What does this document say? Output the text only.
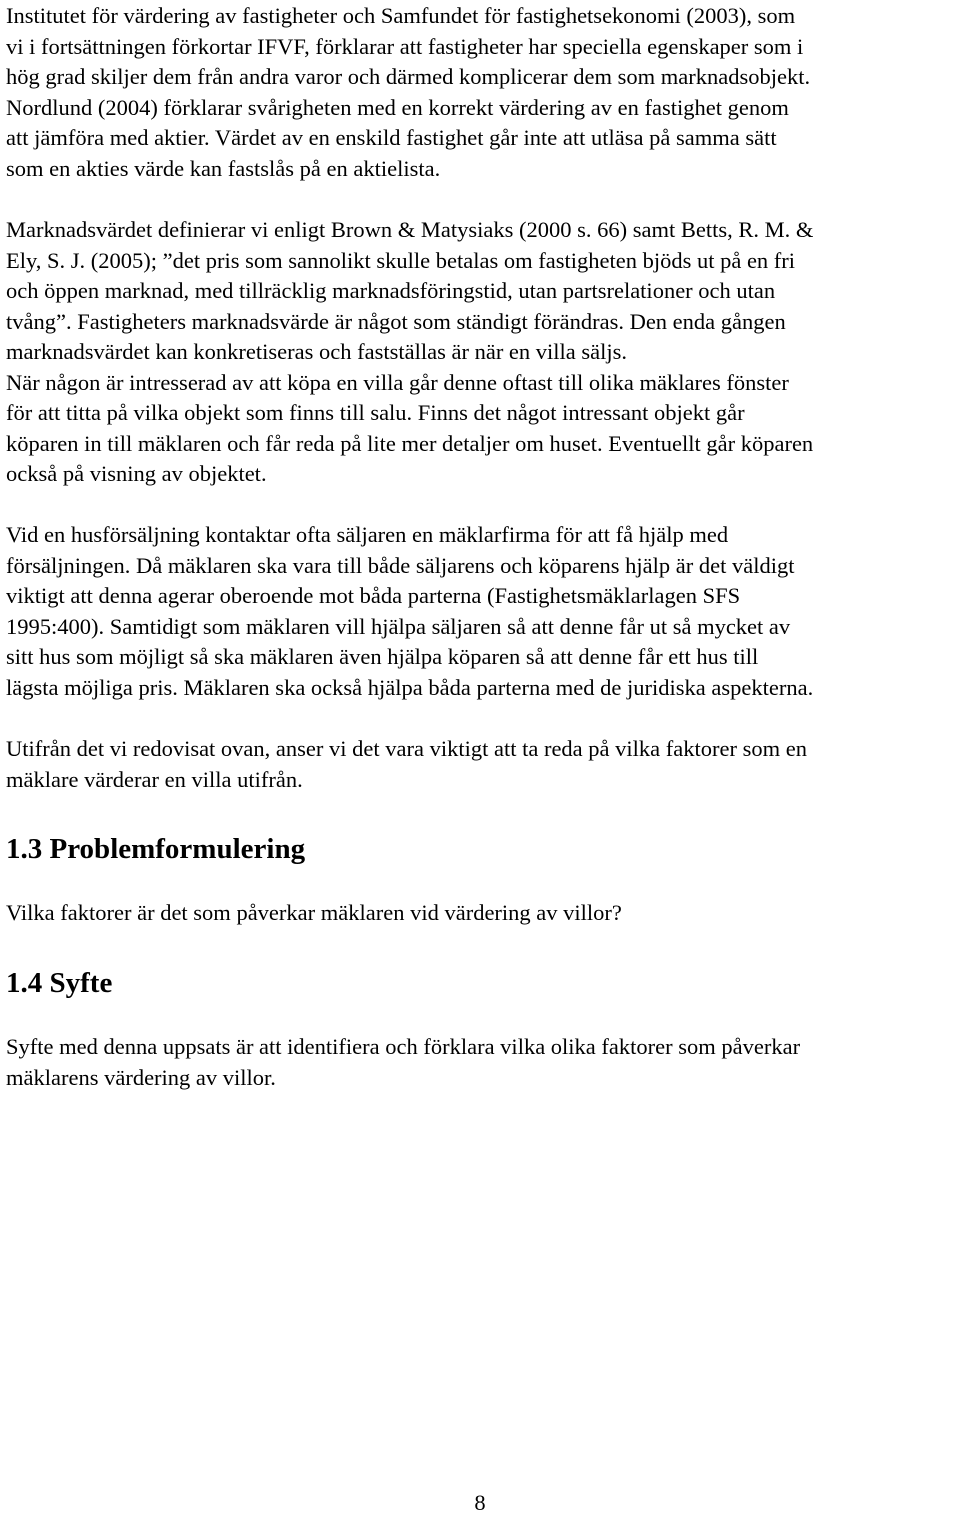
Institutet för värdering av fastigheter och Samfundet för fastighetsekonomi (2003), som

vi i fortsättningen förkortar IFVF, förklarar att fastigheter har speciella egenskaper som i

hög grad skiljer dem från andra varor och därmed komplicerar dem som marknadsobjekt.

Nordlund (2004) förklarar svårigheten med en korrekt värdering av en fastighet genom

att jämföra med aktier. Värdet av en enskild fastighet går inte att utläsa på samma sätt

som en akties värde kan fastslås på en aktielista.

Marknadsvärdet definierar vi enligt Brown & Matysiaks (2000 s. 66) samt Betts, R. M. &

Ely, S. J. (2005); ”det pris som sannolikt skulle betalas om fastigheten bjöds ut på en fri

och öppen marknad, med tillräcklig marknadsföringstid, utan partsrelationer och utan

tvång”. Fastigheters marknadsvärde är något som ständigt förändras. Den enda gången

marknadsvärdet kan konkretiseras och fastställas är när en villa säljs.

När någon är intresserad av att köpa en villa går denne oftast till olika mäklares fönster

för att titta på vilka objekt som finns till salu. Finns det något intressant objekt går

köparen in till mäklaren och får reda på lite mer detaljer om huset. Eventuellt går köparen

också på visning av objektet.

Vid en husförsäljning kontaktar ofta säljaren en mäklarfirma för att få hjälp med

försäljningen. Då mäklaren ska vara till både säljarens och köparens hjälp är det väldigt

viktigt att denna agerar oberoende mot båda parterna (Fastighetsmäklarlagen SFS

1995:400). Samtidigt som mäklaren vill hjälpa säljaren så att denne får ut så mycket av

sitt hus som möjligt så ska mäklaren även hjälpa köparen så att denne får ett hus till

lägsta möjliga pris. Mäklaren ska också hjälpa båda parterna med de juridiska aspekterna.

Utifrån det vi redovisat ovan, anser vi det vara viktigt att ta reda på vilka faktorer som en

mäklare värderar en villa utifrån.

1.3 Problemformulering

Vilka faktorer är det som påverkar mäklaren vid värdering av villor?

1.4 Syfte

Syfte med denna uppsats är att identifiera och förklara vilka olika faktorer som påverkar

mäklarens värdering av villor.

8
